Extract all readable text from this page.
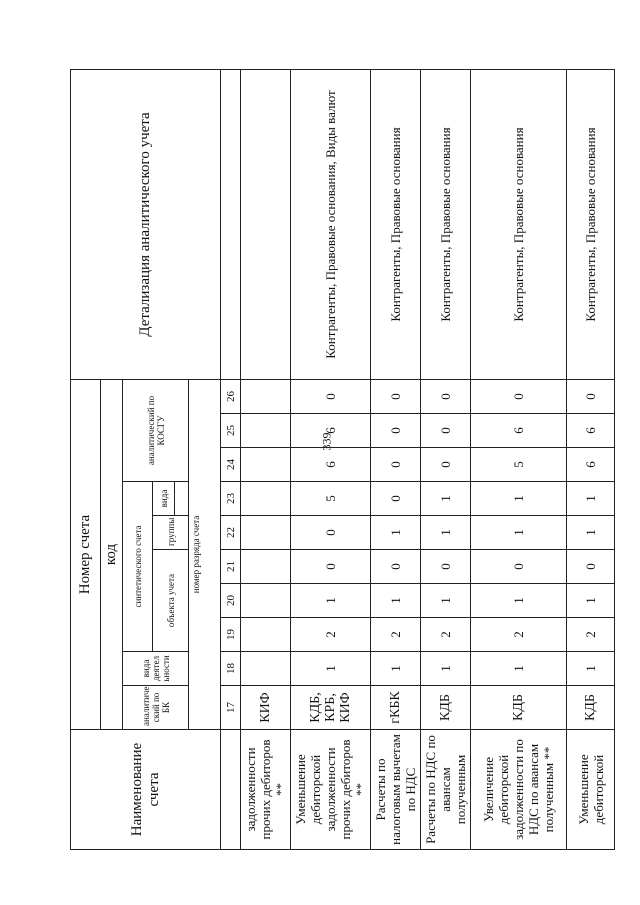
339
Наименование счета	Номер счета										Детализация аналитического учета
	код										
	аналитиче ский по БК	вида деятел ьности	синтетического счета					аналитический по КОСГУ			
			объекта учета			группы	вида				

	номер разряда счета										
	17	18	19	20	21	22	23	24	25	26	
задолженности прочих дебиторов **	КИФ										
Уменьшение дебиторской задолженности прочих дебиторов **	КДБ, КРБ, КИФ	1	2	1	0	0	5	6	6	0	Контрагенты, Правовые основания, Виды валют
Расчеты по налоговым вычетам по НДС	гКБК	1	2	1	0	1	0	0	0	0	Контрагенты, Правовые основания
Расчеты по НДС по авансам полученным	КДБ	1	2	1	0	1	1	0	0	0	Контрагенты, Правовые основания
Увеличение дебиторской задолженности по НДС по авансам полученным **	КДБ	1	2	1	0	1	1	5	6	0	Контрагенты, Правовые основания
Уменьшение дебиторской	КДБ	1	2	1	0	1	1	6	6	0	Контрагенты, Правовые основания
